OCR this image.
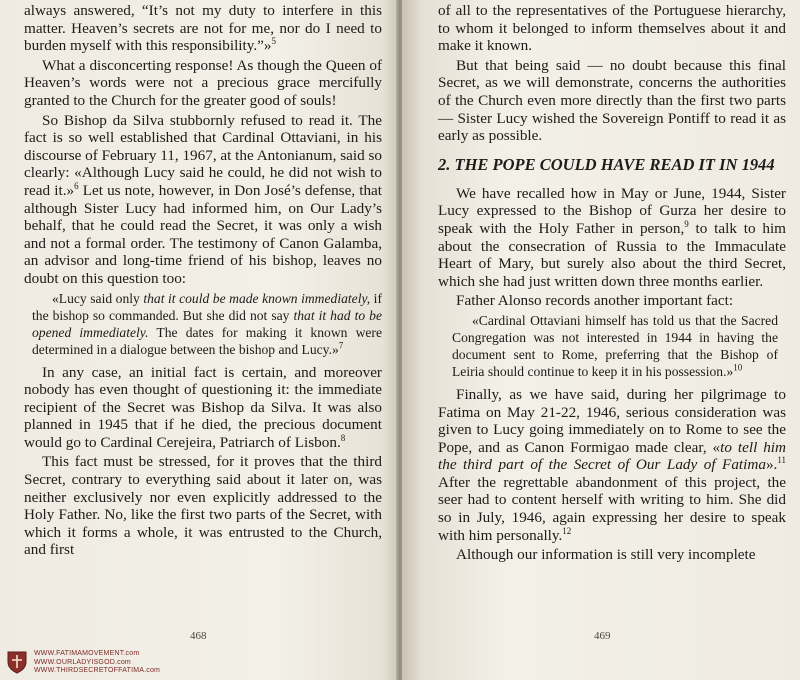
always answered, “It’s not my duty to interfere in this matter. Heaven’s secrets are not for me, nor do I need to burden myself with this responsibility.”»$^5$

What a disconcerting response! As though the Queen of Heaven’s words were not a precious grace mercifully granted to the Church for the greater good of souls!

So Bishop da Silva stubbornly refused to read it. The fact is so well established that Cardinal Ottaviani, in his discourse of February 11, 1967, at the Antonianum, said so clearly: «Although Lucy said he could, he did not wish to read it.»$^6$ Let us note, however, in Don José’s defense, that although Sister Lucy had informed him, on Our Lady’s behalf, that he could read the Secret, it was only a wish and not a formal order. The testimony of Canon Galamba, an advisor and long-time friend of his bishop, leaves no doubt on this question too:

«Lucy said only that it could be made known immediately, if the bishop so commanded. But she did not say that it had to be opened immediately. The dates for making it known were determined in a dialogue between the bishop and Lucy.»$^7$

In any case, an initial fact is certain, and moreover nobody has even thought of questioning it: the immediate recipient of the Secret was Bishop da Silva. It was also planned in 1945 that if he died, the precious document would go to Cardinal Cerejeira, Patriarch of Lisbon.$^8$

This fact must be stressed, for it proves that the third Secret, contrary to everything said about it later on, was neither exclusively nor even explicitly addressed to the Holy Father. No, like the first two parts of the Secret, with which it forms a whole, it was entrusted to the Church, and first

468

of all to the representatives of the Portuguese hierarchy, to whom it belonged to inform themselves about it and make it known.

But that being said — no doubt because this final Secret, as we will demonstrate, concerns the authorities of the Church even more directly than the first two parts — Sister Lucy wished the Sovereign Pontiff to read it as early as possible.

2. THE POPE COULD HAVE READ IT IN 1944

We have recalled how in May or June, 1944, Sister Lucy expressed to the Bishop of Gurza her desire to speak with the Holy Father in person,$^9$ to talk to him about the consecration of Russia to the Immaculate Heart of Mary, but surely also about the third Secret, which she had just written down three months earlier.

Father Alonso records another important fact:

«Cardinal Ottaviani himself has told us that the Sacred Congregation was not interested in 1944 in having the document sent to Rome, preferring that the Bishop of Leiria should continue to keep it in his possession.»$^{10}$

Finally, as we have said, during her pilgrimage to Fatima on May 21-22, 1946, serious consideration was given to Lucy going immediately on to Rome to see the Pope, and as Canon Formigao made clear, «to tell him the third part of the Secret of Our Lady of Fatima».$^{11}$ After the regrettable abandonment of this project, the seer had to content herself with writing to him. She did so in July, 1946, again expressing her desire to speak with him personally.$^{12}$

Although our information is still very incomplete

469
WWW.FATIMAMOVEMENT.com
WWW.OURLADYISGOD.com
WWW.THIRDSECRETOFFATIMA.com
